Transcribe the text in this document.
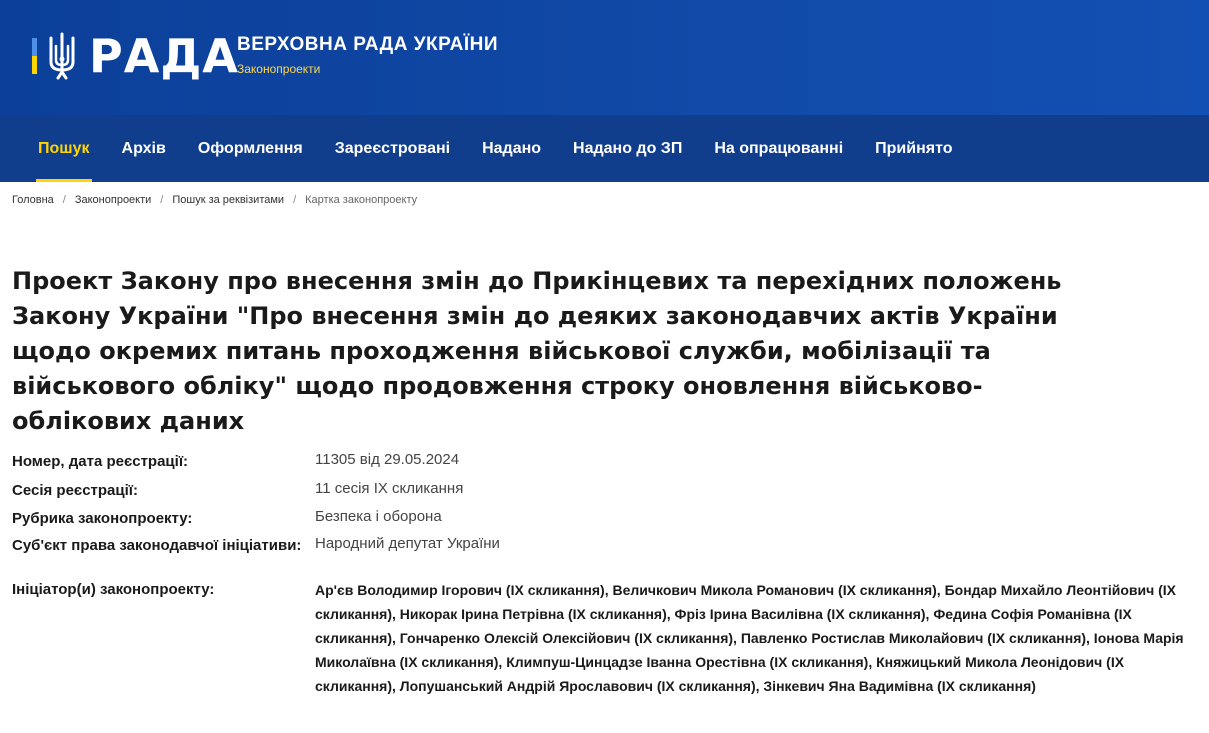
РАДА
ВЕРХОВНА РАДА УКРАЇНИ
Законопроекти
Пошук	Архів	Оформлення	Зареєстровані	Надано	Надано до ЗП	На опрацюванні	Прийнято
Головна / Законопроекти / Пошук за реквізитами / Картка законопроекту
Проект Закону про внесення змін до Прикінцевих та перехідних положень Закону України "Про внесення змін до деяких законодавчих актів України щодо окремих питань проходження військової служби, мобілізації та військового обліку" щодо продовження строку оновлення військово-облікових даних
Номер, дата реєстрації:	11305 від 29.05.2024
Сесія реєстрації:	11 сесія IX скликання
Рубрика законопроекту:	Безпека і оборона
Суб'єкт права законодавчої ініціативи: Народний депутат України
Ініціатор(и) законопроекту:	Ар'єв Володимир Ігорович (IX скликання), Величкович Микола Романович (IX скликання), Бондар Михайло Леонтійович (IX скликання), Никорак Ірина Петрівна (IX скликання), Фріз Ірина Василівна (IX скликання), Федина Софія Романівна (IX скликання), Гончаренко Олексій Олексійович (IX скликання), Павленко Ростислав Миколайович (IX скликання), Іонова Марія Миколаївна (IX скликання), Климпуш-Цинцадзе Іванна Орестівна (IX скликання), Княжицький Микола Леонідович (IX скликання), Лопушанський Андрій Ярославович (IX скликання), Зінкевич Яна Вадимівна (IX скликання)
